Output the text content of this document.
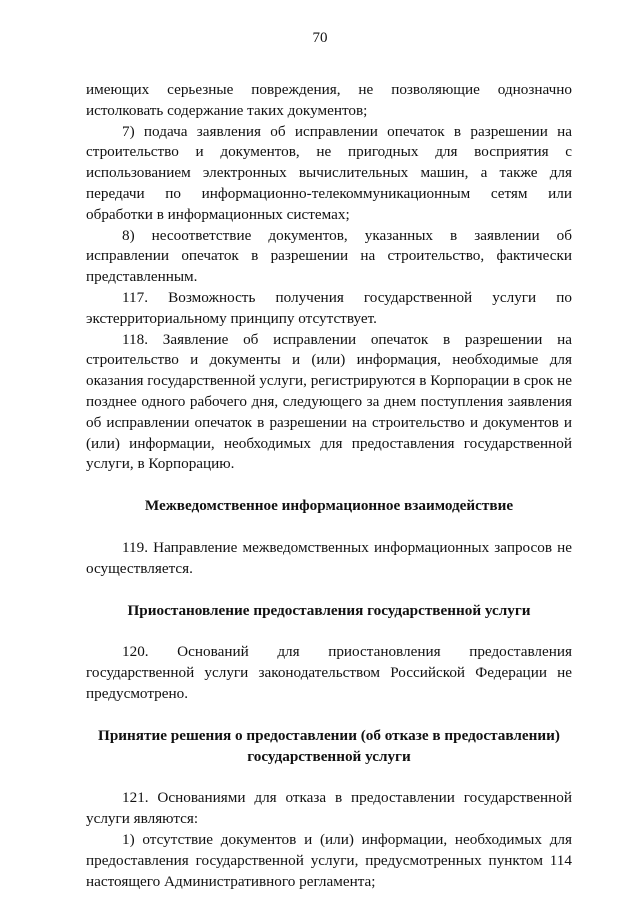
70

имеющих серьезные повреждения, не позволяющие однозначно истолковать содержание таких документов;

7) подача заявления об исправлении опечаток в разрешении на строительство и документов, не пригодных для восприятия с использованием электронных вычислительных машин, а также для передачи по информационно-телекоммуникационным сетям или обработки в информационных системах;

8) несоответствие документов, указанных в заявлении об исправлении опечаток в разрешении на строительство, фактически представленным.

117. Возможность получения государственной услуги по экстерриториальному принципу отсутствует.

118. Заявление об исправлении опечаток в разрешении на строительство и документы и (или) информация, необходимые для оказания государственной услуги, регистрируются в Корпорации в срок не позднее одного рабочего дня, следующего за днем поступления заявления об исправлении опечаток в разрешении на строительство и документов и (или) информации, необходимых для предоставления государственной услуги, в Корпорацию.

Межведомственное информационное взаимодействие

119. Направление межведомственных информационных запросов не осуществляется.

Приостановление предоставления государственной услуги

120. Оснований для приостановления предоставления государственной услуги законодательством Российской Федерации не предусмотрено.

Принятие решения о предоставлении (об отказе в предоставлении)
государственной услуги

121. Основаниями для отказа в предоставлении государственной услуги являются:

1) отсутствие документов и (или) информации, необходимых для предоставления государственной услуги, предусмотренных пунктом 114 настоящего Административного регламента;
